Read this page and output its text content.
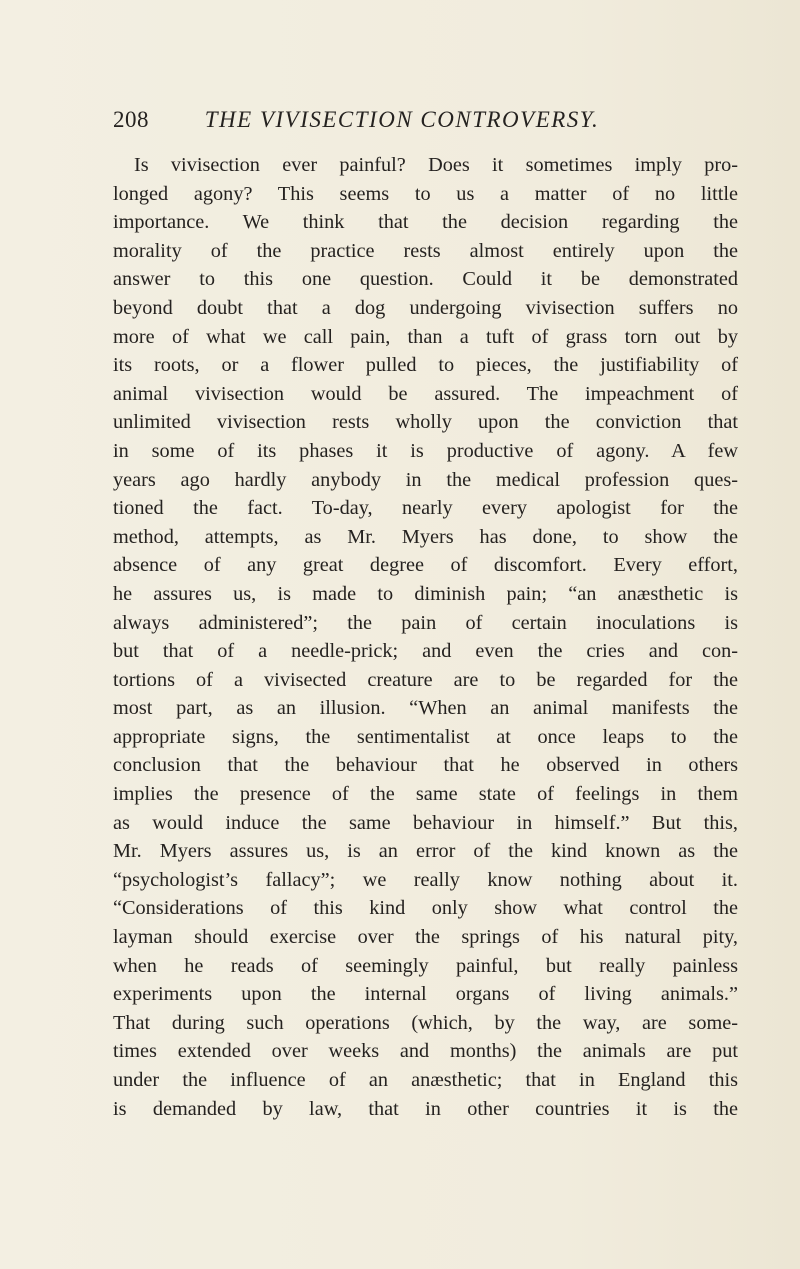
208 THE VIVISECTION CONTROVERSY.
Is vivisection ever painful? Does it sometimes imply pro-
longed agony? This seems to us a matter of no little
importance. We think that the decision regarding the
morality of the practice rests almost entirely upon the
answer to this one question. Could it be demonstrated
beyond doubt that a dog undergoing vivisection suffers no
more of what we call pain, than a tuft of grass torn out by
its roots, or a flower pulled to pieces, the justifiability of
animal vivisection would be assured. The impeachment of
unlimited vivisection rests wholly upon the conviction that
in some of its phases it is productive of agony. A few
years ago hardly anybody in the medical profession ques-
tioned the fact. To-day, nearly every apologist for the
method, attempts, as Mr. Myers has done, to show the
absence of any great degree of discomfort. Every effort,
he assures us, is made to diminish pain; “an anæsthetic is
always administered”; the pain of certain inoculations is
but that of a needle-prick; and even the cries and con-
tortions of a vivisected creature are to be regarded for the
most part, as an illusion. “When an animal manifests the
appropriate signs, the sentimentalist at once leaps to the
conclusion that the behaviour that he observed in others
implies the presence of the same state of feelings in them
as would induce the same behaviour in himself.” But this,
Mr. Myers assures us, is an error of the kind known as the
“psychologist’s fallacy”; we really know nothing about it.
“Considerations of this kind only show what control the
layman should exercise over the springs of his natural pity,
when he reads of seemingly painful, but really painless
experiments upon the internal organs of living animals.”
That during such operations (which, by the way, are some-
times extended over weeks and months) the animals are put
under the influence of an anæsthetic; that in England this
is demanded by law, that in other countries it is the
